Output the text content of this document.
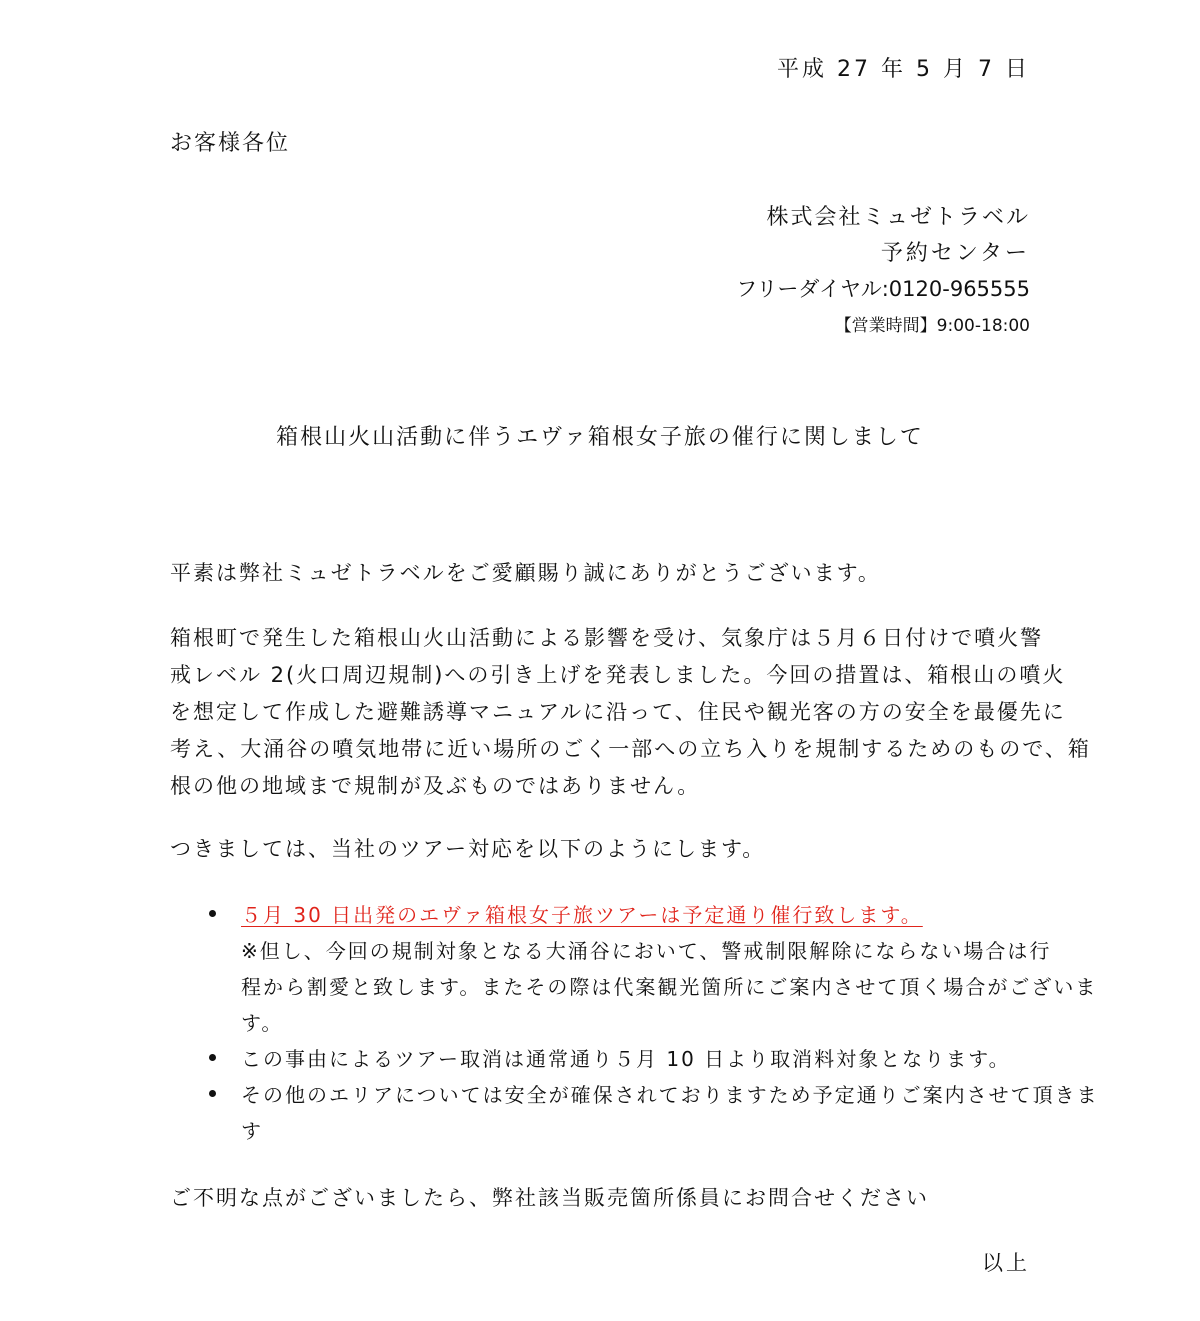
平成 27 年 5 月 7 日
お客様各位
株式会社ミュゼトラベル
予約センター
フリーダイヤル:0120-965555
【営業時間】9:00-18:00
箱根山火山活動に伴うエヴァ箱根女子旅の催行に関しまして
平素は弊社ミュゼトラベルをご愛顧賜り誠にありがとうございます。
箱根町で発生した箱根山火山活動による影響を受け、気象庁は５月６日付けで噴火警
戒レベル 2(火口周辺規制)への引き上げを発表しました。今回の措置は、箱根山の噴火
を想定して作成した避難誘導マニュアルに沿って、住民や観光客の方の安全を最優先に
考え、大涌谷の噴気地帯に近い場所のごく一部への立ち入りを規制するためのもので、箱
根の他の地域まで規制が及ぶものではありません。
つきましては、当社のツアー対応を以下のようにします。
５月 30 日出発のエヴァ箱根女子旅ツアーは予定通り催行致します。
※但し、今回の規制対象となる大涌谷において、警戒制限解除にならない場合は行
程から割愛と致します。またその際は代案観光箇所にご案内させて頂く場合がございま
す。
この事由によるツアー取消は通常通り５月 10 日より取消料対象となります。
その他のエリアについては安全が確保されておりますため予定通りご案内させて頂きま
す
ご不明な点がございましたら、弊社該当販売箇所係員にお問合せください
以上
